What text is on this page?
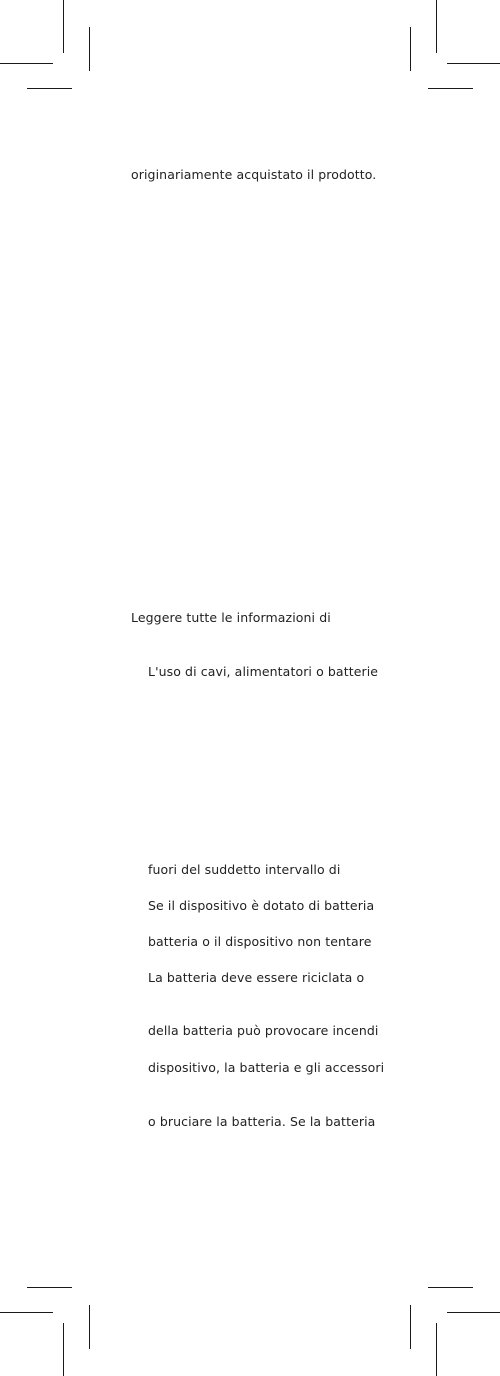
originariamente acquistato il prodotto.
Leggere tutte le informazioni di
L'uso di cavi, alimentatori o batterie
fuori del suddetto intervallo di
Se il dispositivo è dotato di batteria
batteria o il dispositivo non tentare
La batteria deve essere riciclata o
della batteria può provocare incendi
dispositivo, la batteria e gli accessori
o bruciare la batteria. Se la batteria
